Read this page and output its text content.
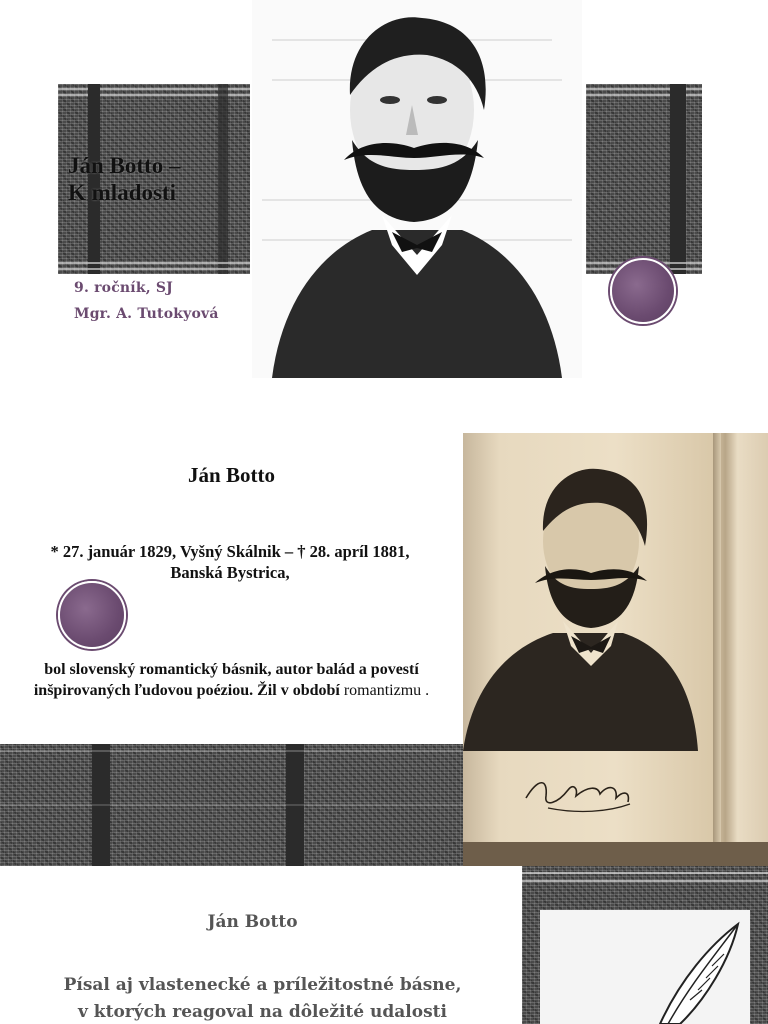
Ján Botto –
K mladosti
9. ročník, SJ
Mgr. A. Tutokyová
Ján Botto
* 27. január 1829, Vyšný Skálnik – † 28. apríl 1881, Banská Bystrica,
bol slovenský romantický básnik, autor balád a povestí inšpirovaných ľudovou poéziou. Žil v období romantizmu .
Ján Botto
Písal aj vlastenecké a príležitostné básne,
v ktorých reagoval na dôležité udalosti
